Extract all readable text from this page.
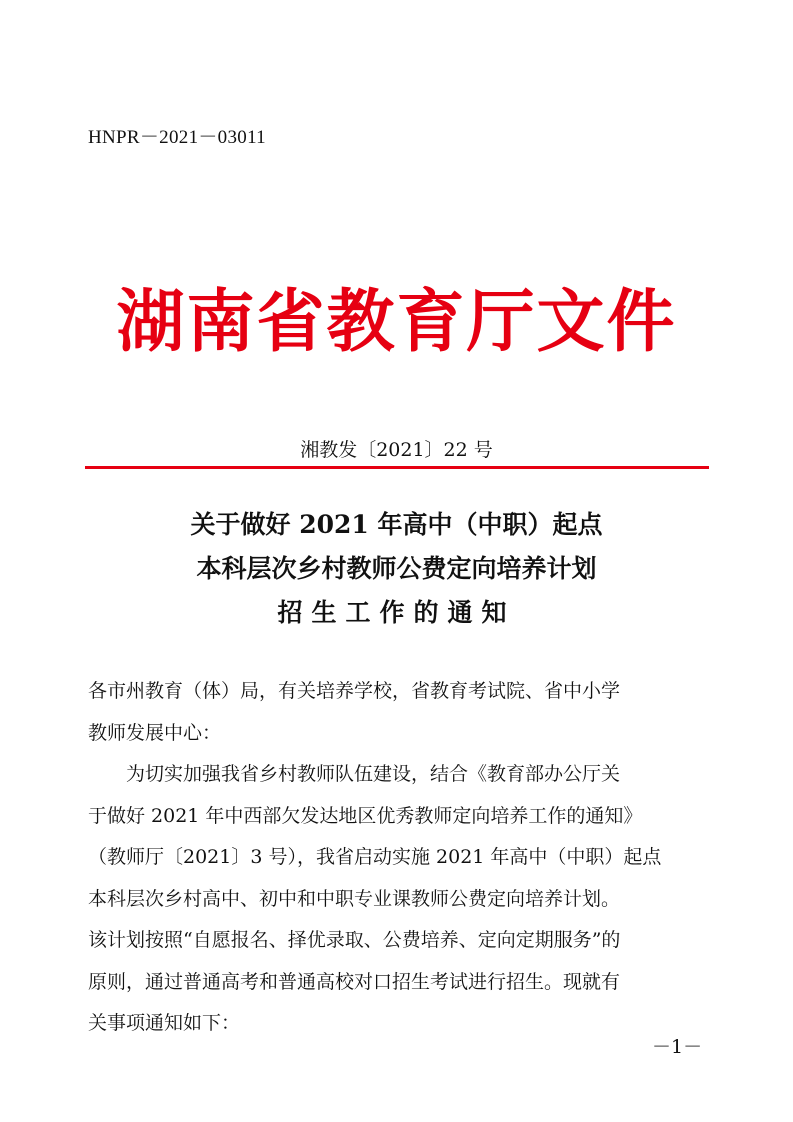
HNPR－2021－03011
湖南省教育厅文件
湘教发〔2021〕22 号
关于做好 2021 年高中（中职）起点
本科层次乡村教师公费定向培养计划
招生工作的通知
各市州教育（体）局，有关培养学校，省教育考试院、省中小学
教师发展中心：
为切实加强我省乡村教师队伍建设，结合《教育部办公厅关
于做好 2021 年中西部欠发达地区优秀教师定向培养工作的通知》
（教师厅〔2021〕3 号），我省启动实施 2021 年高中（中职）起点
本科层次乡村高中、初中和中职专业课教师公费定向培养计划。
该计划按照“自愿报名、择优录取、公费培养、定向定期服务”的
原则，通过普通高考和普通高校对口招生考试进行招生。现就有
关事项通知如下：
－1－
